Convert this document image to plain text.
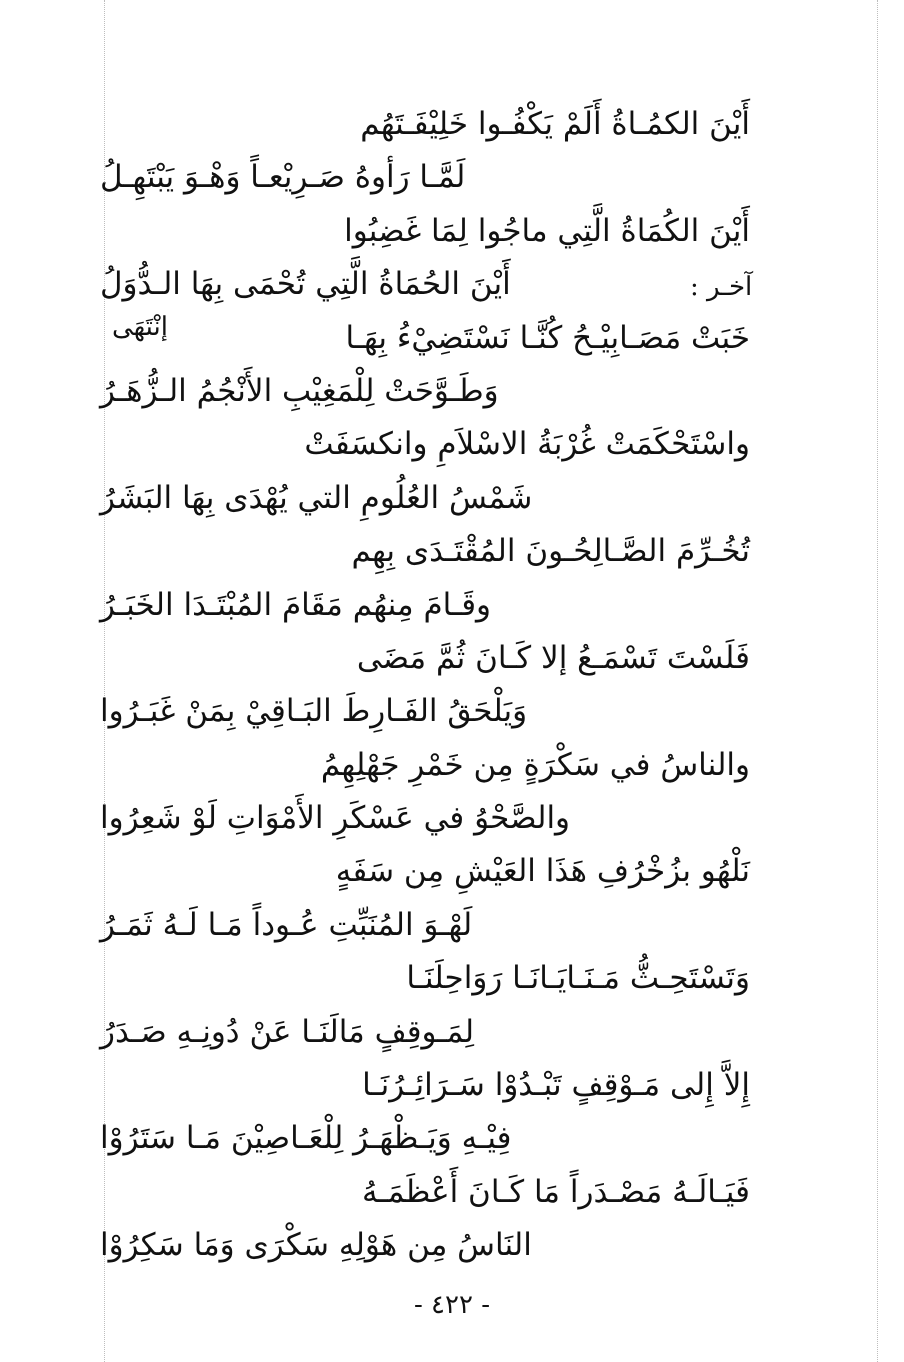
أَيْنَ الكمُـاةُ أَلَمْ يَكْفُـوا خَلِيْفَـتَهُم
لَمَّـا رَأوهُ صَـرِيْعـاً وَهْـوَ يَبْتَهِـلُ
أَيْنَ الكُمَاةُ الَّتِي ماجُوا لِمَا غَضِبُوا
أَيْنَ الحُمَاةُ الَّتِي تُحْمَى بِهَا الـدُّوَلُ
خَبَتْ مَصَـابِيْـحُ كُنَّـا نَسْتَضِيْءُ بِهَـا
وَطَـوَّحَتْ لِلْمَغِيْبِ الأَنْجُمُ الـزُّهَـرُ
واسْتَحْكَمَتْ غُرْبَةُ الاسْلاَمِ وانكسَفَتْ
شَمْسُ العُلُومِ التي يُهْدَى بِهَا البَشَرُ
تُخُـرِّمَ الصَّـالِحُـونَ المُقْتَـدَى بِهِم
وقَـامَ مِنهُم مَقَامَ المُبْتَـدَا الخَبَـرُ
فَلَسْتَ تَسْمَـعُ إلا كَـانَ ثُمَّ مَضَى
وَيَلْحَقُ الفَـارِطَ البَـاقِيْ بِمَنْ غَبَـرُوا
والناسُ في سَكْرَةٍ مِن خَمْرِ جَهْلِهِمُ
والصَّحْوُ في عَسْكَرِ الأَمْوَاتِ لَوْ شَعِرُوا
نَلْهُو بزُخْرُفِ هَذَا العَيْشِ مِن سَفَهٍ
لَهْـوَ المُنَبِّتِ عُـوداً مَـا لَـهُ ثَمَـرُ
وَتَسْتَحِـثُّ مَـنَـايَـانَـا رَوَاحِلَنَـا
لِمَـوقِفٍ مَالَنَـا عَنْ دُونِـهِ صَـدَرُ
إِلاَّ إِلى مَـوْقِفٍ تَبْـدُوْا سَـرَائِـرُنَـا
فِيْـهِ وَيَـظْهَـرُ لِلْعَـاصِيْنَ مَـا سَتَرُوْا
فَيَـالَـهُ مَصْـدَراً مَا كَـانَ أَعْظَمَـهُ
النَاسُ مِن هَوْلِهِ سَكْرَى وَمَا سَكِرُوْا
آخـر :
إنْتَهَى
- ٤٢٢ -
